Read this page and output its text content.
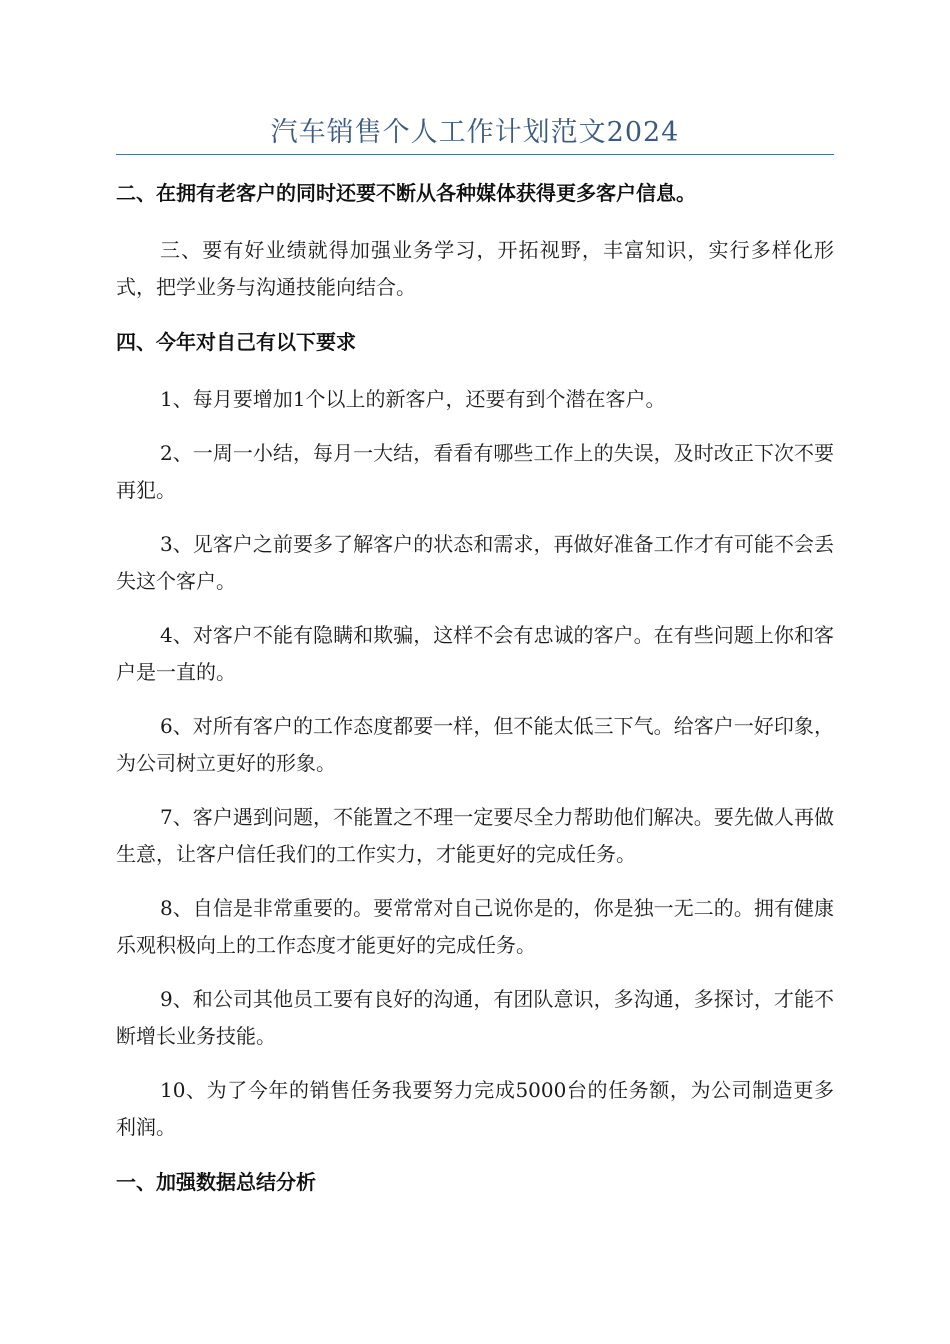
汽车销售个人工作计划范文2024
二、在拥有老客户的同时还要不断从各种媒体获得更多客户信息。

三、要有好业绩就得加强业务学习，开拓视野，丰富知识，实行多样化形式，把学业务与沟通技能向结合。

四、今年对自己有以下要求

1、每月要增加1个以上的新客户，还要有到个潜在客户。

2、一周一小结，每月一大结，看看有哪些工作上的失误，及时改正下次不要再犯。

3、见客户之前要多了解客户的状态和需求，再做好准备工作才有可能不会丢失这个客户。

4、对客户不能有隐瞒和欺骗，这样不会有忠诚的客户。在有些问题上你和客户是一直的。

6、对所有客户的工作态度都要一样，但不能太低三下气。给客户一好印象，为公司树立更好的形象。

7、客户遇到问题，不能置之不理一定要尽全力帮助他们解决。要先做人再做生意，让客户信任我们的工作实力，才能更好的完成任务。

8、自信是非常重要的。要常常对自己说你是的，你是独一无二的。拥有健康乐观积极向上的工作态度才能更好的完成任务。

9、和公司其他员工要有良好的沟通，有团队意识，多沟通，多探讨，才能不断增长业务技能。

10、为了今年的销售任务我要努力完成5000台的任务额，为公司制造更多利润。

一、加强数据总结分析
